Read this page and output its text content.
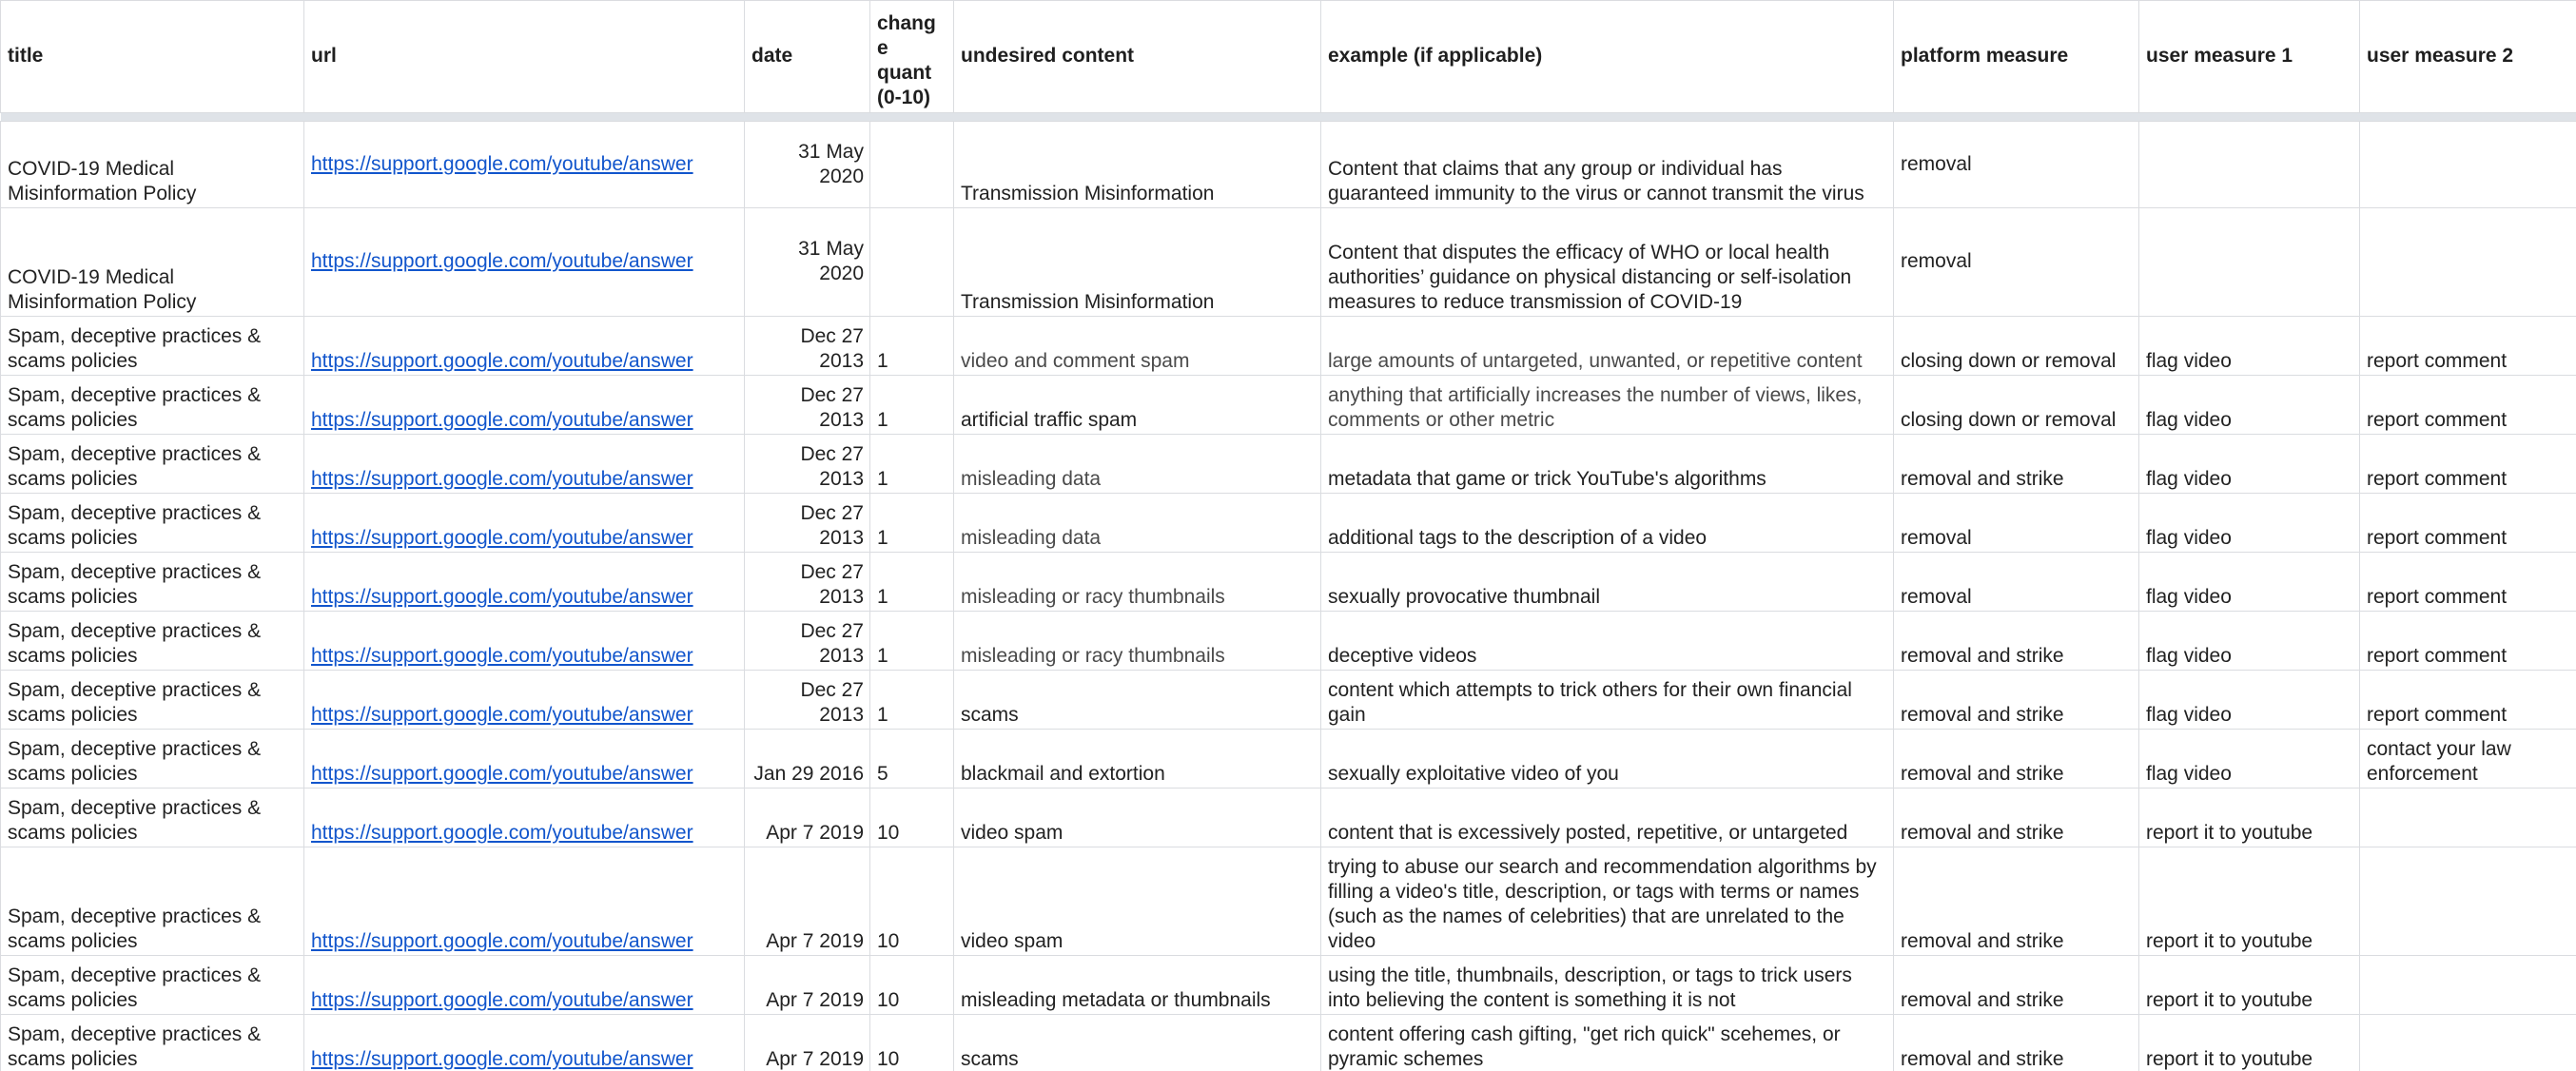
title	url	date	chang e quant (0-10)	undesired content	example (if applicable)	platform measure	user measure 1	user measure 2

COVID-19 Medical Misinformation Policy	https://support.google.com/youtube/answer	31 May 2020		Transmission Misinformation	Content that claims that any group or individual has guaranteed immunity to the virus or cannot transmit the virus	removal		
COVID-19 Medical Misinformation Policy	https://support.google.com/youtube/answer	31 May 2020		Transmission Misinformation	Content that disputes the efficacy of WHO or local health authorities’ guidance on physical distancing or self-isolation measures to reduce transmission of COVID-19	removal		
Spam, deceptive practices & scams policies	https://support.google.com/youtube/answer	Dec 27 2013	1	video and comment spam	large amounts of untargeted, unwanted, or repetitive content	closing down or removal	flag video	report comment
Spam, deceptive practices & scams policies	https://support.google.com/youtube/answer	Dec 27 2013	1	artificial traffic spam	anything that artificially increases the number of views, likes, comments or other metric	closing down or removal	flag video	report comment
Spam, deceptive practices & scams policies	https://support.google.com/youtube/answer	Dec 27 2013	1	misleading data	metadata that game or trick YouTube's algorithms	removal and strike	flag video	report comment
Spam, deceptive practices & scams policies	https://support.google.com/youtube/answer	Dec 27 2013	1	misleading data	additional tags to the description of a video	removal	flag video	report comment
Spam, deceptive practices & scams policies	https://support.google.com/youtube/answer	Dec 27 2013	1	misleading or racy thumbnails	sexually provocative thumbnail	removal	flag video	report comment
Spam, deceptive practices & scams policies	https://support.google.com/youtube/answer	Dec 27 2013	1	misleading or racy thumbnails	deceptive videos	removal and strike	flag video	report comment
Spam, deceptive practices & scams policies	https://support.google.com/youtube/answer	Dec 27 2013	1	scams	content which attempts to trick others for their own financial gain	removal and strike	flag video	report comment
Spam, deceptive practices & scams policies	https://support.google.com/youtube/answer	Jan 29 2016	5	blackmail and extortion	sexually exploitative video of you	removal and strike	flag video	contact your law enforcement
Spam, deceptive practices & scams policies	https://support.google.com/youtube/answer	Apr 7 2019	10	video spam	content that is excessively posted, repetitive, or untargeted	removal and strike	report it to youtube	
Spam, deceptive practices & scams policies	https://support.google.com/youtube/answer	Apr 7 2019	10	video spam	trying to abuse our search and recommendation algorithms by filling a video's title, description, or tags with terms or names (such as the names of celebrities) that are unrelated to the video	removal and strike	report it to youtube	
Spam, deceptive practices & scams policies	https://support.google.com/youtube/answer	Apr 7 2019	10	misleading metadata or thumbnails	using the title, thumbnails, description, or tags to trick users into believing the content is something it is not	removal and strike	report it to youtube	
Spam, deceptive practices & scams policies	https://support.google.com/youtube/answer	Apr 7 2019	10	scams	content offering cash gifting, "get rich quick" scehemes, or pyramic schemes	removal and strike	report it to youtube	
